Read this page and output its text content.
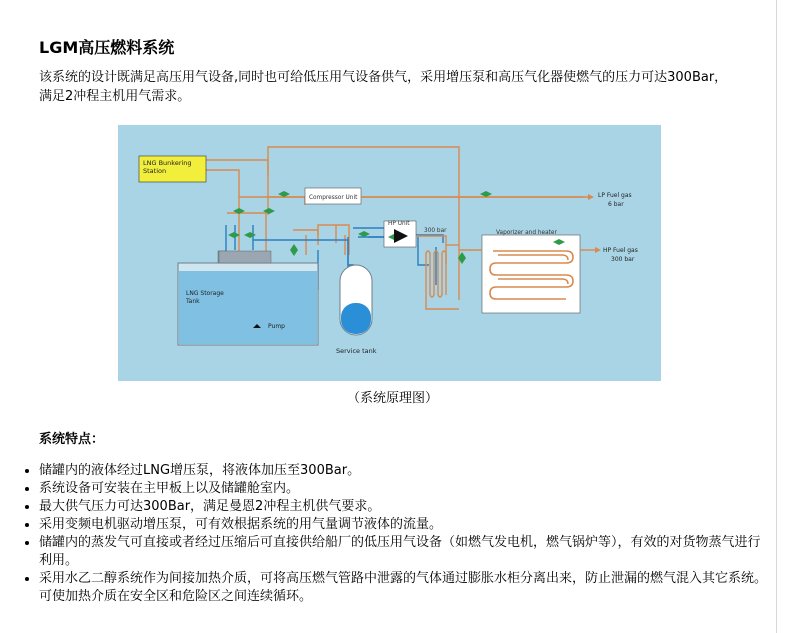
LGM高压燃料系统
该系统的设计既满足高压用气设备,同时也可给低压用气设备供气，采用增压泵和高压气化器使燃气的压力可达300Bar，满足2冲程主机用气需求。
LNG Bunkering
Station
Compressor Unit	LP Fuel gas
6 bar
HP Unit
300 bar	Vaporizer and heater
HP Fuel gas
300 bar
LNG Storage
Tank
Pump
Service tank
（系统原理图）
系统特点：
• 储罐内的液体经过LNG增压泵，将液体加压至300Bar。
• 系统设备可安装在主甲板上以及储罐舱室内。
• 最大供气压力可达300Bar，满足曼恩2冲程主机供气要求。
• 采用变频电机驱动增压泵，可有效根据系统的用气量调节液体的流量。
• 储罐内的蒸发气可直接或者经过压缩后可直接供给船厂的低压用气设备（如燃气发电机，燃气锅炉等），有效的对货物蒸气进行利用。
• 采用水乙二醇系统作为间接加热介质，可将高压燃气管路中泄露的气体通过膨胀水柜分离出来，防止泄漏的燃气混入其它系统。可使加热介质在安全区和危险区之间连续循环。
